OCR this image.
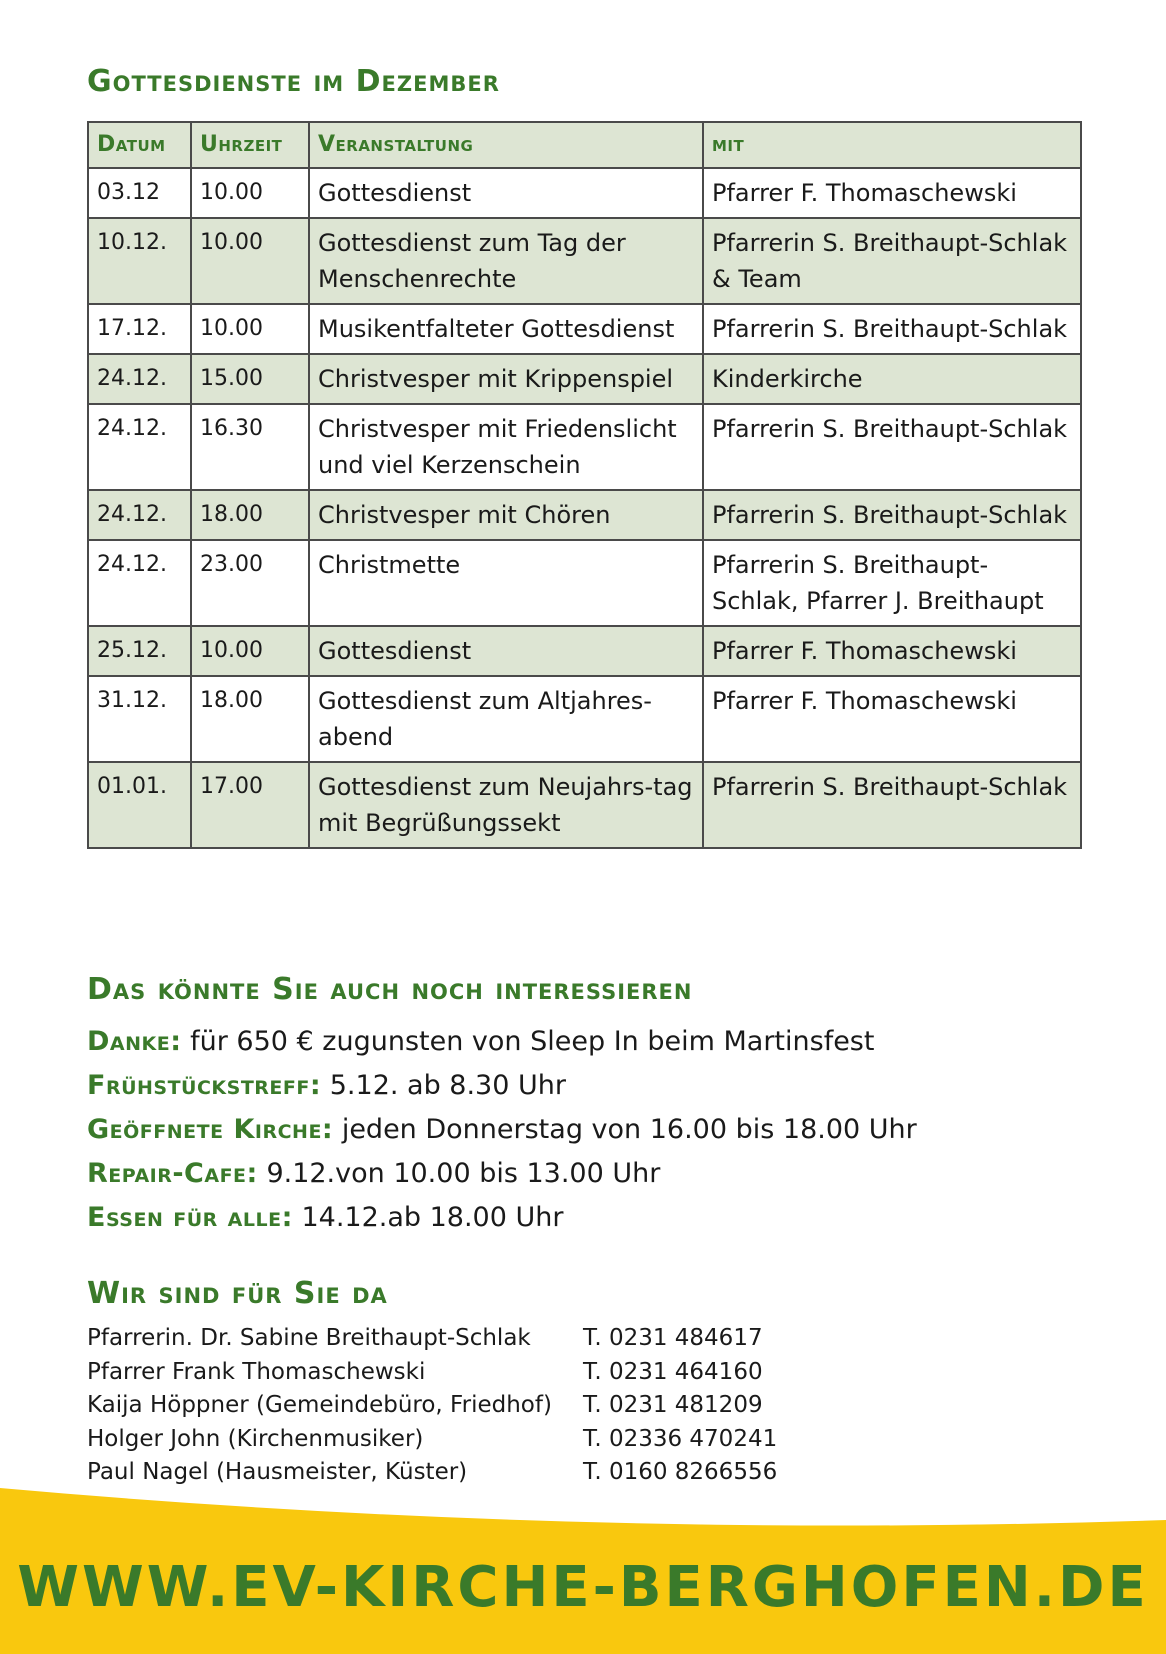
Gottesdienste im Dezember
Datum	Uhrzeit	Veranstaltung	mit
03.12	10.00	Gottesdienst	Pfarrer F. Thomaschewski
10.12.	10.00	Gottesdienst zum Tag der Menschenrechte	Pfarrerin S. Breithaupt-Schlak & Team
17.12.	10.00	Musikentfalteter Gottesdienst	Pfarrerin S. Breithaupt-Schlak
24.12.	15.00	Christvesper mit Krippenspiel	Kinderkirche
24.12.	16.30	Christvesper mit Friedenslicht und viel Kerzenschein	Pfarrerin S. Breithaupt-Schlak
24.12.	18.00	Christvesper mit Chören	Pfarrerin S. Breithaupt-Schlak
24.12.	23.00	Christmette	Pfarrerin S. Breithaupt-Schlak, Pfarrer J. Breithaupt
25.12.	10.00	Gottesdienst	Pfarrer F. Thomaschewski
31.12.	18.00	Gottesdienst zum Altjahres-abend	Pfarrer F. Thomaschewski
01.01.	17.00	Gottesdienst zum Neujahrs-tag mit Begrüßungssekt	Pfarrerin S. Breithaupt-Schlak
Das könnte Sie auch noch interessieren
Danke: für 650 € zugunsten von Sleep In beim Martinsfest
Frühstückstreff: 5.12. ab 8.30 Uhr
Geöffnete Kirche: jeden Donnerstag von 16.00 bis 18.00 Uhr
Repair-Cafe: 9.12.von 10.00 bis 13.00 Uhr
Essen für alle: 14.12.ab 18.00 Uhr
Wir sind für Sie da
Pfarrerin. Dr. Sabine Breithaupt-Schlak	T. 0231 484617
Pfarrer Frank Thomaschewski	T. 0231 464160
Kaija Höppner (Gemeindebüro, Friedhof)	T. 0231 481209
Holger John (Kirchenmusiker)	T. 02336 470241
Paul Nagel (Hausmeister, Küster)	T. 0160 8266556
WWW.EV-KIRCHE-BERGHOFEN.DE
